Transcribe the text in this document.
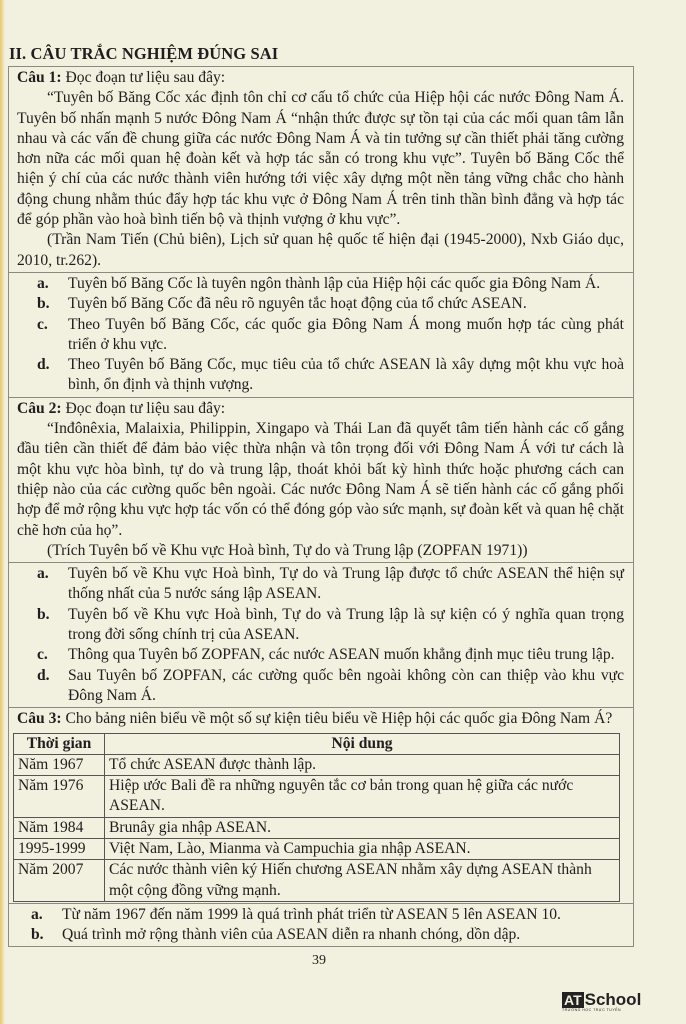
II. CÂU TRẮC NGHIỆM ĐÚNG SAI

Câu 1: Đọc đoạn tư liệu sau đây:

“Tuyên bố Băng Cốc xác định tôn chỉ cơ cấu tổ chức của Hiệp hội các nước Đông Nam Á. Tuyên bố nhấn mạnh 5 nước Đông Nam Á “nhận thức được sự tồn tại của các mối quan tâm lẫn nhau và các vấn đề chung giữa các nước Đông Nam Á và tin tưởng sự cần thiết phải tăng cường hơn nữa các mối quan hệ đoàn kết và hợp tác sẵn có trong khu vực”. Tuyên bố Băng Cốc thể hiện ý chí của các nước thành viên hướng tới việc xây dựng một nền tảng vững chắc cho hành động chung nhằm thúc đẩy hợp tác khu vực ở Đông Nam Á trên tinh thần bình đẳng và hợp tác để góp phần vào hoà bình tiến bộ và thịnh vượng ở khu vực”.

(Trần Nam Tiến (Chủ biên), Lịch sử quan hệ quốc tế hiện đại (1945-2000), Nxb Giáo dục, 2010, tr.262).

a.	Tuyên bố Băng Cốc là tuyên ngôn thành lập của Hiệp hội các quốc gia Đông Nam Á.
b.	Tuyên bố Băng Cốc đã nêu rõ nguyên tắc hoạt động của tổ chức ASEAN.
c.	Theo Tuyên bố Băng Cốc, các quốc gia Đông Nam Á mong muốn hợp tác cùng phát triển ở khu vực.
d.	Theo Tuyên bố Băng Cốc, mục tiêu của tổ chức ASEAN là xây dựng một khu vực hoà bình, ổn định và thịnh vượng.

Câu 2: Đọc đoạn tư liệu sau đây:

“Inđônêxia, Malaixia, Philippin, Xingapo và Thái Lan đã quyết tâm tiến hành các cố gắng đầu tiên cần thiết để đảm bảo việc thừa nhận và tôn trọng đối với Đông Nam Á với tư cách là một khu vực hòa bình, tự do và trung lập, thoát khỏi bất kỳ hình thức hoặc phương cách can thiệp nào của các cường quốc bên ngoài. Các nước Đông Nam Á sẽ tiến hành các cố gắng phối hợp để mở rộng khu vực hợp tác vốn có thể đóng góp vào sức mạnh, sự đoàn kết và quan hệ chặt chẽ hơn của họ”.

(Trích Tuyên bố về Khu vực Hoà bình, Tự do và Trung lập (ZOPFAN 1971))

a.	Tuyên bố về Khu vực Hoà bình, Tự do và Trung lập được tổ chức ASEAN thể hiện sự thống nhất của 5 nước sáng lập ASEAN.
b.	Tuyên bố về Khu vực Hoà bình, Tự do và Trung lập là sự kiện có ý nghĩa quan trọng trong đời sống chính trị của ASEAN.
c.	Thông qua Tuyên bố ZOPFAN, các nước ASEAN muốn khẳng định mục tiêu trung lập.
d.	Sau Tuyên bố ZOPFAN, các cường quốc bên ngoài không còn can thiệp vào khu vực Đông Nam Á.

Câu 3: Cho bảng niên biểu về một số sự kiện tiêu biểu về Hiệp hội các quốc gia Đông Nam Á?

Thời gian	Nội dung
Năm 1967	Tổ chức ASEAN được thành lập.
Năm 1976	Hiệp ước Bali đề ra những nguyên tắc cơ bản trong quan hệ giữa các nước ASEAN.
Năm 1984	Brunây gia nhập ASEAN.
1995-1999	Việt Nam, Lào, Mianma và Campuchia gia nhập ASEAN.
Năm 2007	Các nước thành viên ký Hiến chương ASEAN nhằm xây dựng ASEAN thành một cộng đồng vững mạnh.
a.	Từ năm 1967 đến năm 1999 là quá trình phát triển từ ASEAN 5 lên ASEAN 10.
b.	Quá trình mở rộng thành viên của ASEAN diễn ra nhanh chóng, dồn dập.
39
AT School
TRƯỜNG HỌC TRỰC TUYẾN
